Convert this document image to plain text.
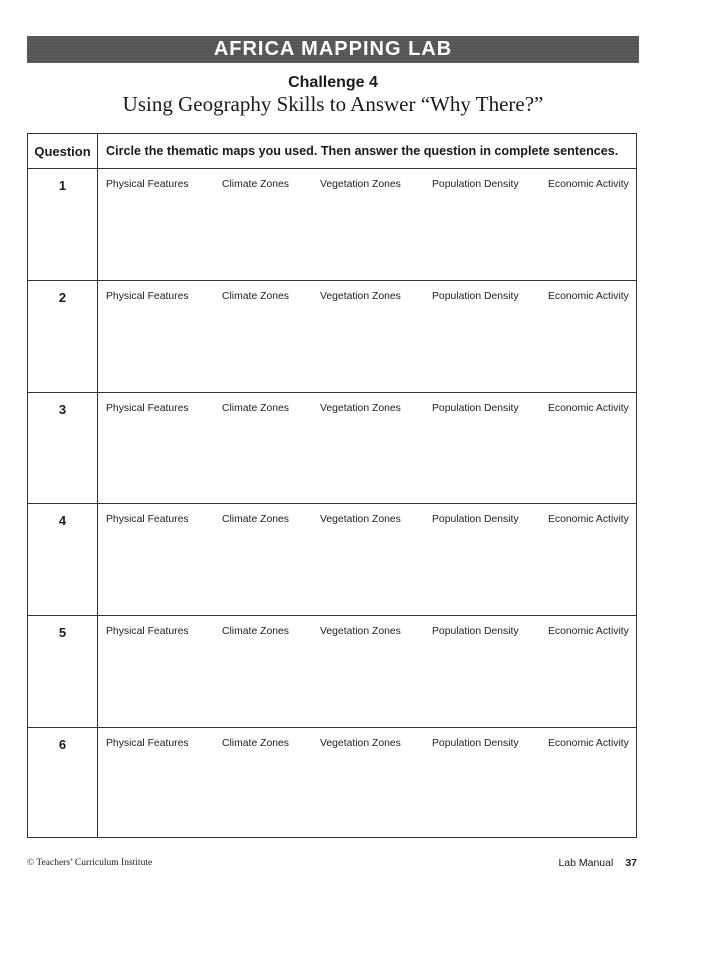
AFRICA MAPPING LAB
Challenge 4
Using Geography Skills to Answer “Why There?”
Question	Circle the thematic maps you used. Then answer the question in complete sentences.
1	Physical Features	Climate Zones	Vegetation Zones	Population Density	Economic Activity
2	Physical Features	Climate Zones	Vegetation Zones	Population Density	Economic Activity
3	Physical Features	Climate Zones	Vegetation Zones	Population Density	Economic Activity
4	Physical Features	Climate Zones	Vegetation Zones	Population Density	Economic Activity
5	Physical Features	Climate Zones	Vegetation Zones	Population Density	Economic Activity
6	Physical Features	Climate Zones	Vegetation Zones	Population Density	Economic Activity
© Teachers’ Curriculum Institute	Lab Manual 37
